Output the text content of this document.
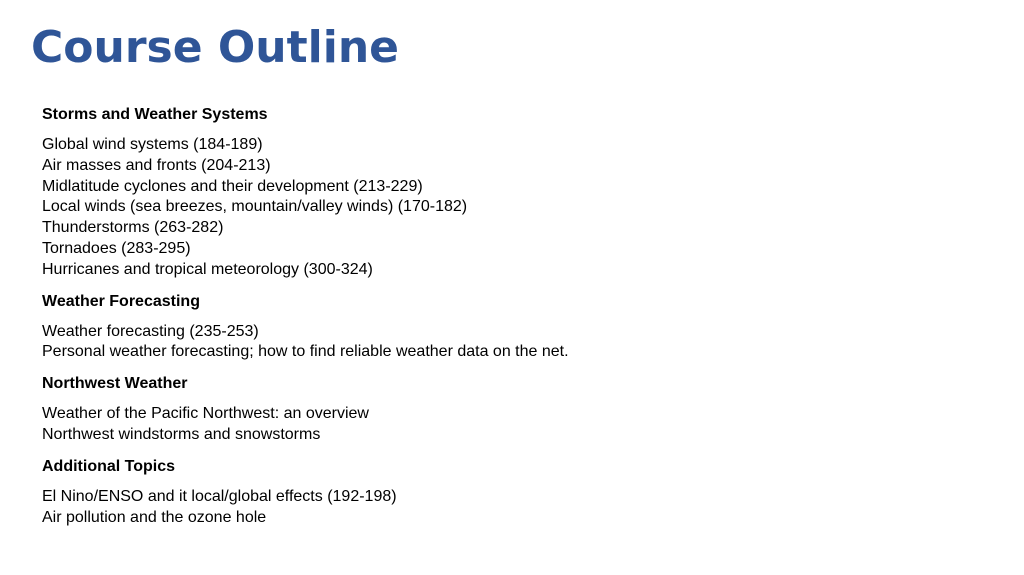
Course Outline
Storms and Weather Systems
Global wind systems (184-189)
Air masses and fronts (204-213)
Midlatitude cyclones and their development (213-229)
Local winds (sea breezes, mountain/valley winds) (170-182)
Thunderstorms (263-282)
Tornadoes (283-295)
Hurricanes and tropical meteorology (300-324)
Weather Forecasting
Weather forecasting (235-253)
Personal weather forecasting; how to find reliable weather data on the net.
Northwest Weather
Weather of the Pacific Northwest: an overview
Northwest windstorms and snowstorms
Additional Topics
El Nino/ENSO and it local/global effects (192-198)
Air pollution and the ozone hole
